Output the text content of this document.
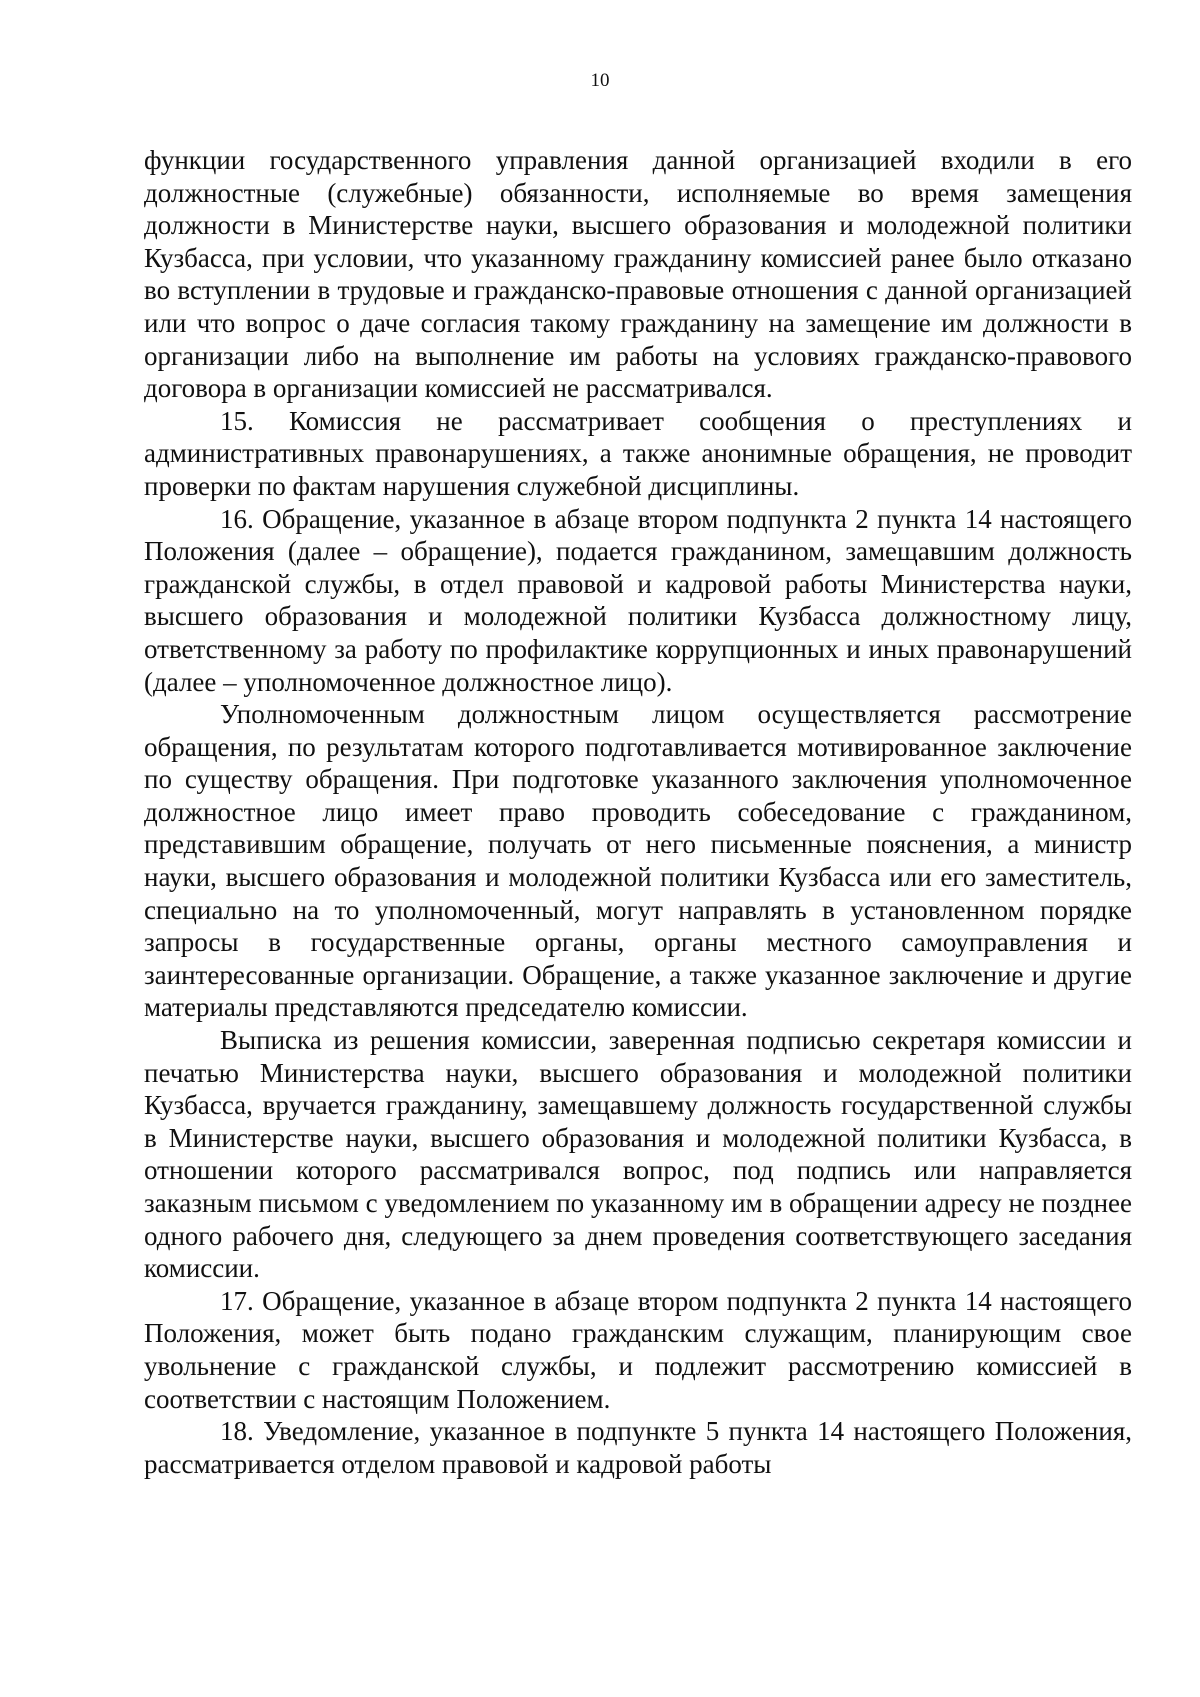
10

функции государственного управления данной организацией входили в его должностные (служебные) обязанности, исполняемые во время замещения должности в Министерстве науки, высшего образования и молодежной политики Кузбасса, при условии, что указанному гражданину комиссией ранее было отказано во вступлении в трудовые и гражданско-правовые отношения с данной организацией или что вопрос о даче согласия такому гражданину на замещение им должности в организации либо на выполнение им работы на условиях гражданско-правового договора в организации комиссией не рассматривался.

15. Комиссия не рассматривает сообщения о преступлениях и административных правонарушениях, а также анонимные обращения, не проводит проверки по фактам нарушения служебной дисциплины.

16. Обращение, указанное в абзаце втором подпункта 2 пункта 14 настоящего Положения (далее – обращение), подается гражданином, замещавшим должность гражданской службы, в отдел правовой и кадровой работы Министерства науки, высшего образования и молодежной политики Кузбасса должностному лицу, ответственному за работу по профилактике коррупционных и иных правонарушений (далее – уполномоченное должностное лицо).

Уполномоченным должностным лицом осуществляется рассмотрение обращения, по результатам которого подготавливается мотивированное заключение по существу обращения. При подготовке указанного заключения уполномоченное должностное лицо имеет право проводить собеседование с гражданином, представившим обращение, получать от него письменные пояснения, а министр науки, высшего образования и молодежной политики Кузбасса или его заместитель, специально на то уполномоченный, могут направлять в установленном порядке запросы в государственные органы, органы местного самоуправления и заинтересованные организации. Обращение, а также указанное заключение и другие материалы представляются председателю комиссии.

Выписка из решения комиссии, заверенная подписью секретаря комиссии и печатью Министерства науки, высшего образования и молодежной политики Кузбасса, вручается гражданину, замещавшему должность государственной службы в Министерстве науки, высшего образования и молодежной политики Кузбасса, в отношении которого рассматривался вопрос, под подпись или направляется заказным письмом с уведомлением по указанному им в обращении адресу не позднее одного рабочего дня, следующего за днем проведения соответствующего заседания комиссии.

17. Обращение, указанное в абзаце втором подпункта 2 пункта 14 настоящего Положения, может быть подано гражданским служащим, планирующим свое увольнение с гражданской службы, и подлежит рассмотрению комиссией в соответствии с настоящим Положением.

18. Уведомление, указанное в подпункте 5 пункта 14 настоящего Положения, рассматривается отделом правовой и кадровой работы
